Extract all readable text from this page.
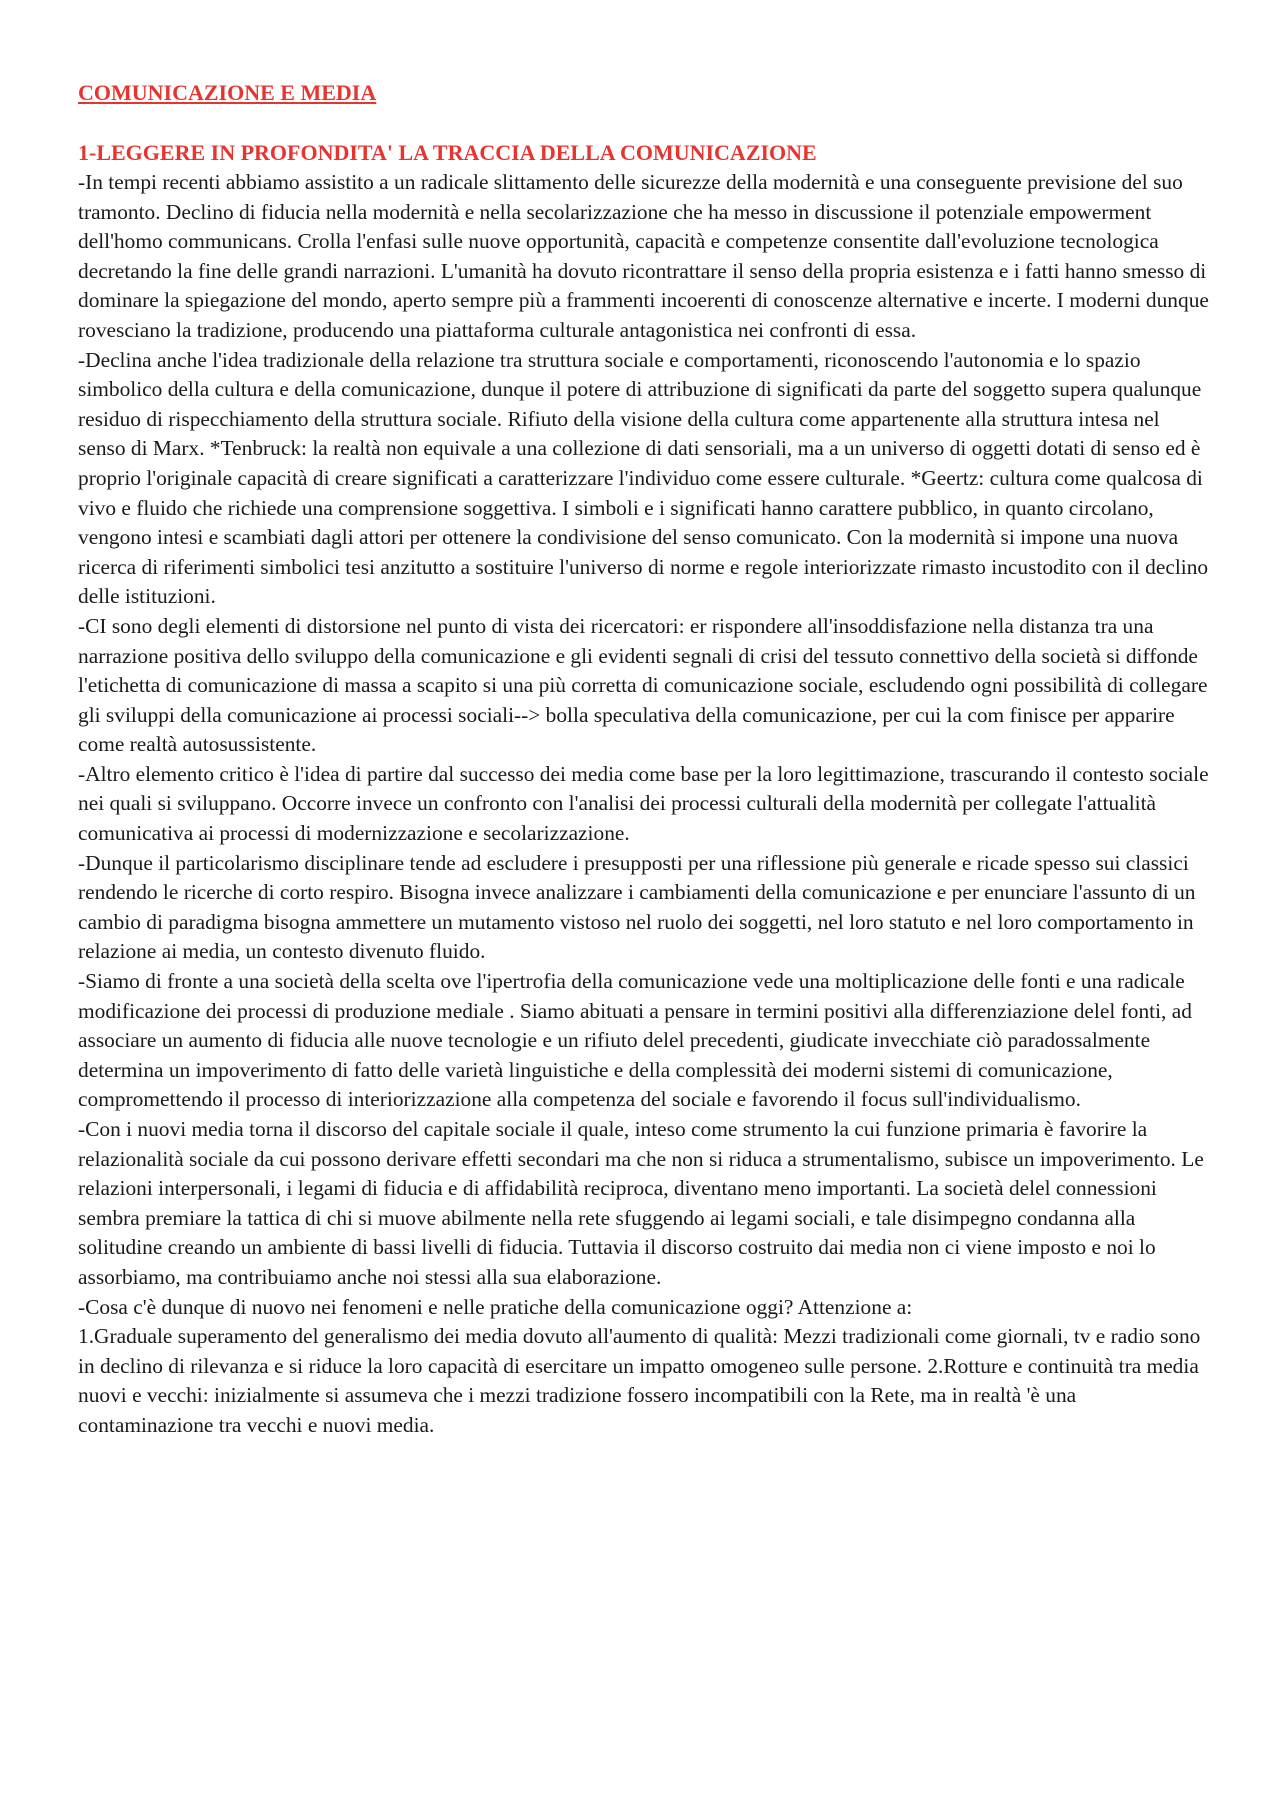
COMUNICAZIONE E MEDIA
1-LEGGERE IN PROFONDITA' LA TRACCIA DELLA COMUNICAZIONE

-In tempi recenti abbiamo assistito a un radicale slittamento delle sicurezze della modernità e una conseguente previsione del suo tramonto. Declino di fiducia nella modernità e nella secolarizzazione che ha messo in discussione il potenziale empowerment dell'homo communicans. Crolla l'enfasi sulle nuove opportunità, capacità e competenze consentite dall'evoluzione tecnologica decretando la fine delle grandi narrazioni. L'umanità ha dovuto ricontrattare il senso della propria esistenza e i fatti hanno smesso di dominare la spiegazione del mondo, aperto sempre più a frammenti incoerenti di conoscenze alternative e incerte. I moderni dunque rovesciano la tradizione, producendo una piattaforma culturale antagonistica nei confronti di essa.

-Declina anche l'idea tradizionale della relazione tra struttura sociale e comportamenti, riconoscendo l'autonomia e lo spazio simbolico della cultura e della comunicazione, dunque il potere di attribuzione di significati da parte del soggetto supera qualunque residuo di rispecchiamento della struttura sociale. Rifiuto della visione della cultura come appartenente alla struttura intesa nel senso di Marx. *Tenbruck: la realtà non equivale a una collezione di dati sensoriali, ma a un universo di oggetti dotati di senso ed è proprio l'originale capacità di creare significati a caratterizzare l'individuo come essere culturale. *Geertz: cultura come qualcosa di vivo e fluido che richiede una comprensione soggettiva. I simboli e i significati hanno carattere pubblico, in quanto circolano, vengono intesi e scambiati dagli attori per ottenere la condivisione del senso comunicato. Con la modernità si impone una nuova ricerca di riferimenti simbolici tesi anzitutto a sostituire l'universo di norme e regole interiorizzate rimasto incustodito con il declino delle istituzioni.

-CI sono degli elementi di distorsione nel punto di vista dei ricercatori: er rispondere all'insoddisfazione nella distanza tra una narrazione positiva dello sviluppo della comunicazione e gli evidenti segnali di crisi del tessuto connettivo della società si diffonde l'etichetta di comunicazione di massa a scapito si una più corretta di comunicazione sociale, escludendo ogni possibilità di collegare gli sviluppi della comunicazione ai processi sociali--> bolla speculativa della comunicazione, per cui la com finisce per apparire come realtà autosussistente.

-Altro elemento critico è l'idea di partire dal successo dei media come base per la loro legittimazione, trascurando il contesto sociale nei quali si sviluppano. Occorre invece un confronto con l'analisi dei processi culturali della modernità per collegate l'attualità comunicativa ai processi di modernizzazione e secolarizzazione.

-Dunque il particolarismo disciplinare tende ad escludere i presupposti per una riflessione più generale e ricade spesso sui classici rendendo le ricerche di corto respiro. Bisogna invece analizzare i cambiamenti della comunicazione e per enunciare l'assunto di un cambio di paradigma bisogna ammettere un mutamento vistoso nel ruolo dei soggetti, nel loro statuto e nel loro comportamento in relazione ai media, un contesto divenuto fluido.

-Siamo di fronte a una società della scelta ove l'ipertrofia della comunicazione vede una moltiplicazione delle fonti e una radicale modificazione dei processi di produzione mediale . Siamo abituati a pensare in termini positivi alla differenziazione delel fonti, ad associare un aumento di fiducia alle nuove tecnologie e un rifiuto delel precedenti, giudicate invecchiate ciò paradossalmente determina un impoverimento di fatto delle varietà linguistiche e della complessità dei moderni sistemi di comunicazione, compromettendo il processo di interiorizzazione alla competenza del sociale e favorendo il focus sull'individualismo.

-Con i nuovi media torna il discorso del capitale sociale il quale, inteso come strumento la cui funzione primaria è favorire la relazionalità sociale da cui possono derivare effetti secondari ma che non si riduca a strumentalismo, subisce un impoverimento. Le relazioni interpersonali, i legami di fiducia e di affidabilità reciproca, diventano meno importanti. La società delel connessioni sembra premiare la tattica di chi si muove abilmente nella rete sfuggendo ai legami sociali, e tale disimpegno condanna alla solitudine creando un ambiente di bassi livelli di fiducia. Tuttavia il discorso costruito dai media non ci viene imposto e noi lo assorbiamo, ma contribuiamo anche noi stessi alla sua elaborazione.

-Cosa c'è dunque di nuovo nei fenomeni e nelle pratiche della comunicazione oggi? Attenzione a:

1.Graduale superamento del generalismo dei media dovuto all'aumento di qualità: Mezzi tradizionali come giornali, tv e radio sono in declino di rilevanza e si riduce la loro capacità di esercitare un impatto omogeneo sulle persone. 2.Rotture e continuità tra media nuovi e vecchi: inizialmente si assumeva che i mezzi tradizione fossero incompatibili con la Rete, ma in realtà 'è una contaminazione tra vecchi e nuovi media.
